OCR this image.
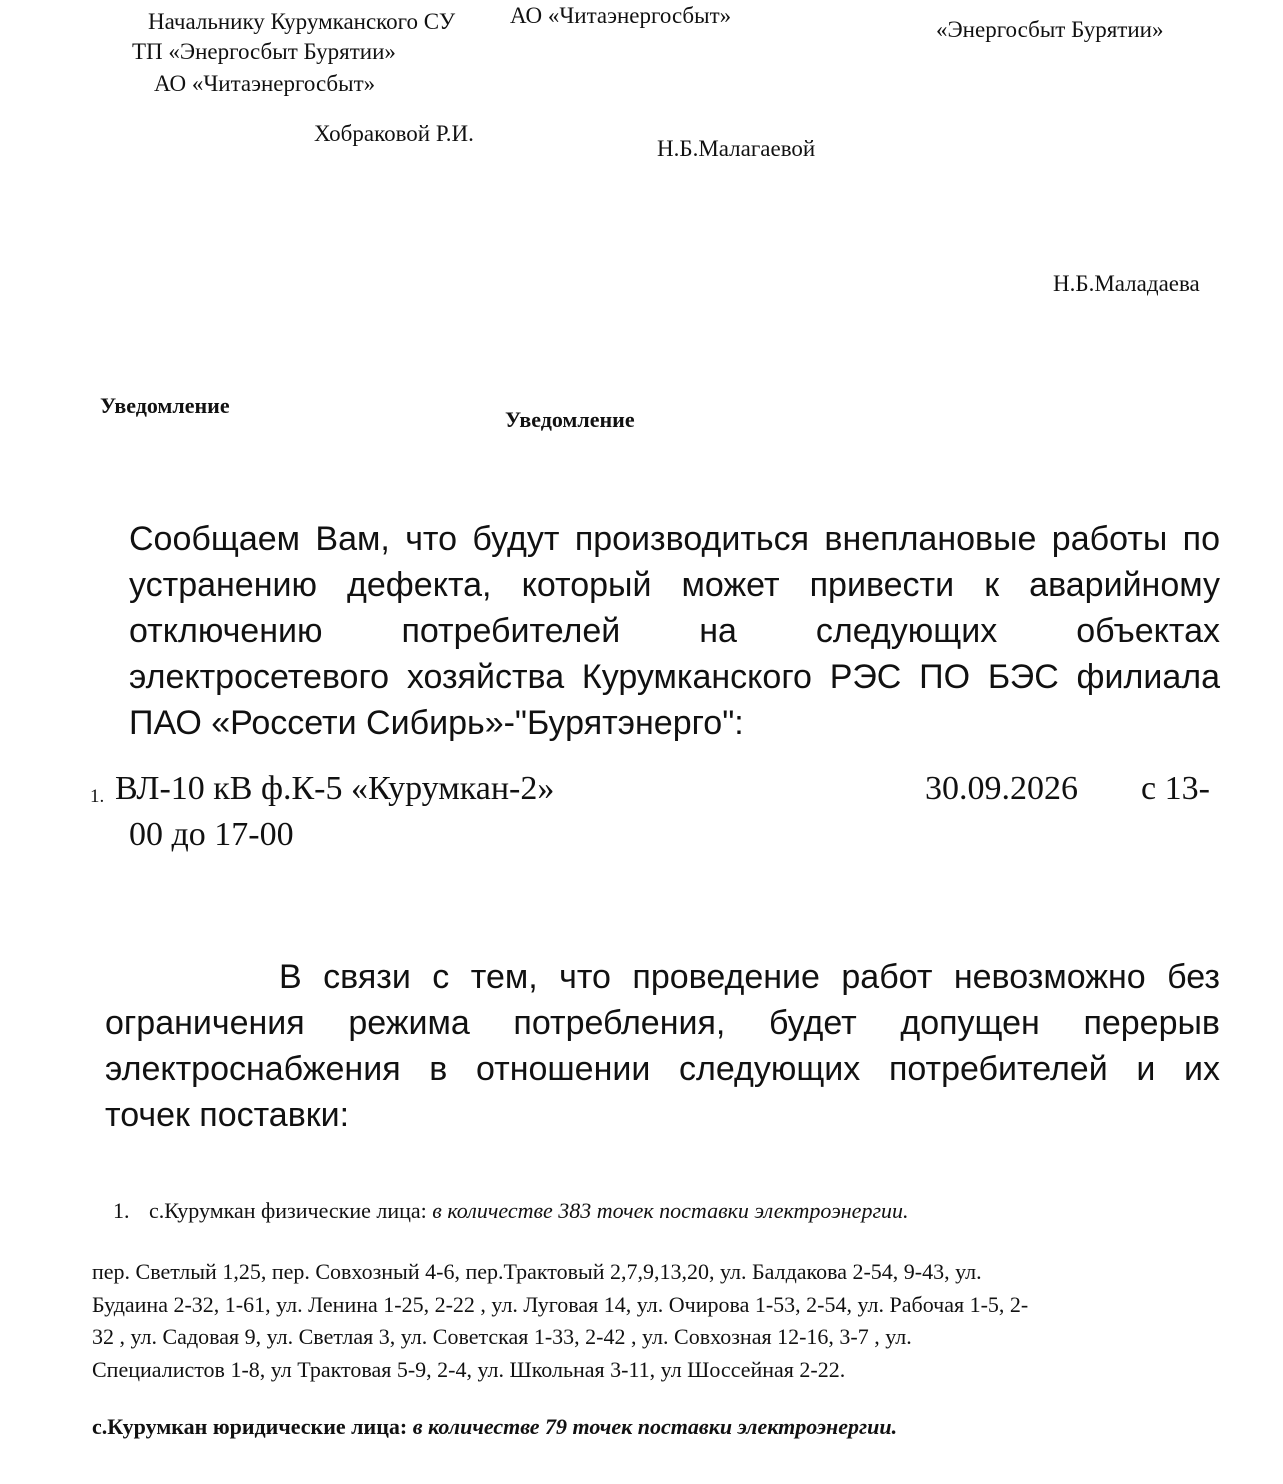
Начальнику Курумканского СУ
ТП «Энергосбыт Бурятии»
АО «Читаэнергосбыт»
Хобраковой Р.И.
АО «Читаэнергосбыт»
Н.Б.Малагаевой
«Энергосбыт Бурятии»
Н.Б.Маладаева
Уведомление
Уведомление
Сообщаем Вам, что будут производиться внеплановые работы по
устранению дефекта, который может привести к аварийному
отключению потребителей на следующих объектах
электросетевого хозяйства Курумканского РЭС ПО БЭС филиала
ПАО «Россети Сибирь»-"Бурятэнерго":
1. ВЛ-10 кВ ф.К-5 «Курумкан-2»	30.09.2026 с 13-
00 до 17-00
В связи с тем, что проведение работ невозможно без
ограничения режима потребления, будет допущен перерыв
электроснабжения в отношении следующих потребителей и их
точек поставки:
1. с.Курумкан физические лица: в количестве 383 точек поставки электроэнергии.
пер. Светлый 1,25, пер. Совхозный 4-6, пер.Трактовый 2,7,9,13,20, ул. Балдакова 2-54, 9-43, ул.
Будаина 2-32, 1-61, ул. Ленина 1-25, 2-22 , ул. Луговая 14, ул. Очирова 1-53, 2-54, ул. Рабочая 1-5, 2-
32 , ул. Садовая 9, ул. Светлая 3, ул. Советская 1-33, 2-42 , ул. Совхозная 12-16, 3-7 , ул.
Специалистов 1-8, ул Трактовая 5-9, 2-4, ул. Школьная 3-11, ул Шоссейная 2-22.
с.Курумкан юридические лица: в количестве 79 точек поставки электроэнергии.
